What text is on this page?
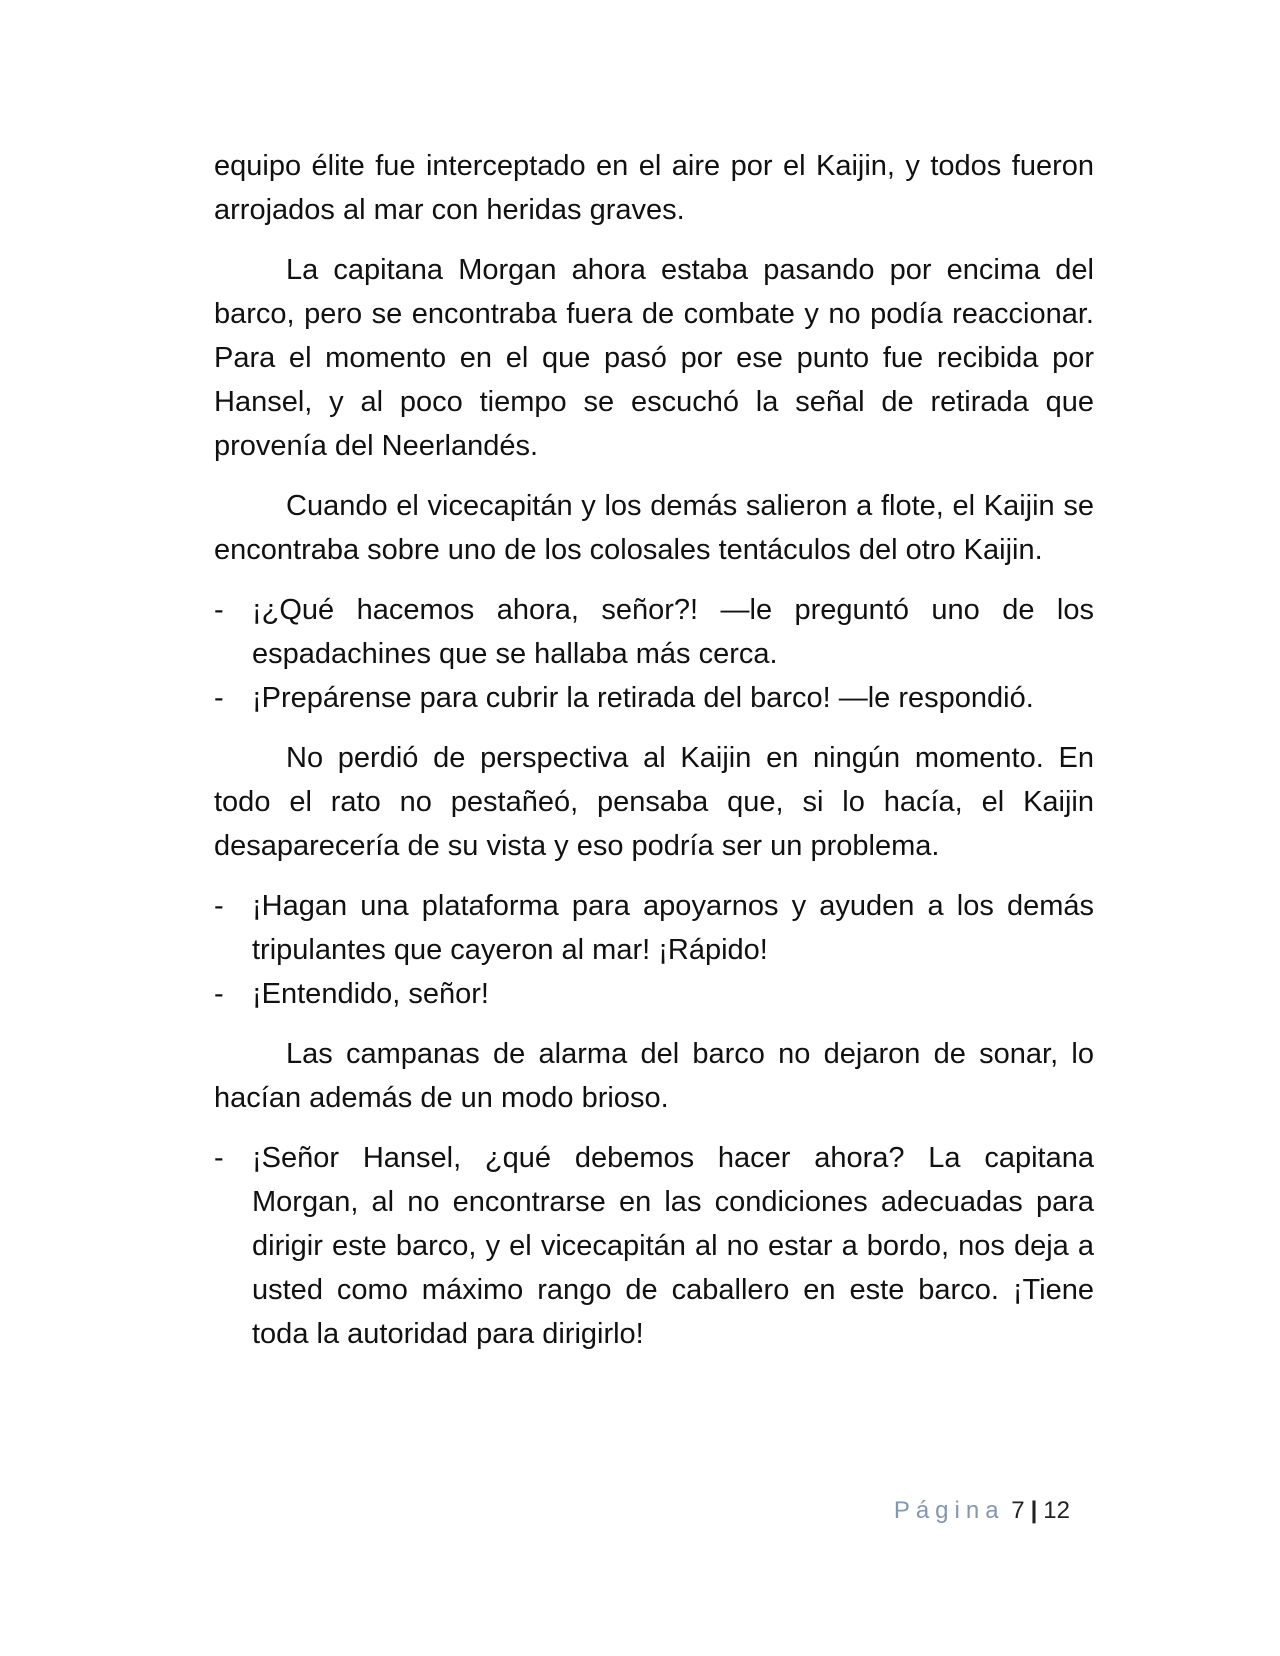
equipo élite fue interceptado en el aire por el Kaijin, y todos fueron arrojados al mar con heridas graves.

La capitana Morgan ahora estaba pasando por encima del barco, pero se encontraba fuera de combate y no podía reaccionar. Para el momento en el que pasó por ese punto fue recibida por Hansel, y al poco tiempo se escuchó la señal de retirada que provenía del Neerlandés.

Cuando el vicecapitán y los demás salieron a flote, el Kaijin se encontraba sobre uno de los colosales tentáculos del otro Kaijin.

- ¡¿Qué hacemos ahora, señor?! —le preguntó uno de los espadachines que se hallaba más cerca.
- ¡Prepárense para cubrir la retirada del barco! —le respondió.

No perdió de perspectiva al Kaijin en ningún momento. En todo el rato no pestañeó, pensaba que, si lo hacía, el Kaijin desaparecería de su vista y eso podría ser un problema.

- ¡Hagan una plataforma para apoyarnos y ayuden a los demás tripulantes que cayeron al mar! ¡Rápido!
- ¡Entendido, señor!

Las campanas de alarma del barco no dejaron de sonar, lo hacían además de un modo brioso.

- ¡Señor Hansel, ¿qué debemos hacer ahora? La capitana Morgan, al no encontrarse en las condiciones adecuadas para dirigir este barco, y el vicecapitán al no estar a bordo, nos deja a usted como máximo rango de caballero en este barco. ¡Tiene toda la autoridad para dirigirlo!
Página 7 | 12
